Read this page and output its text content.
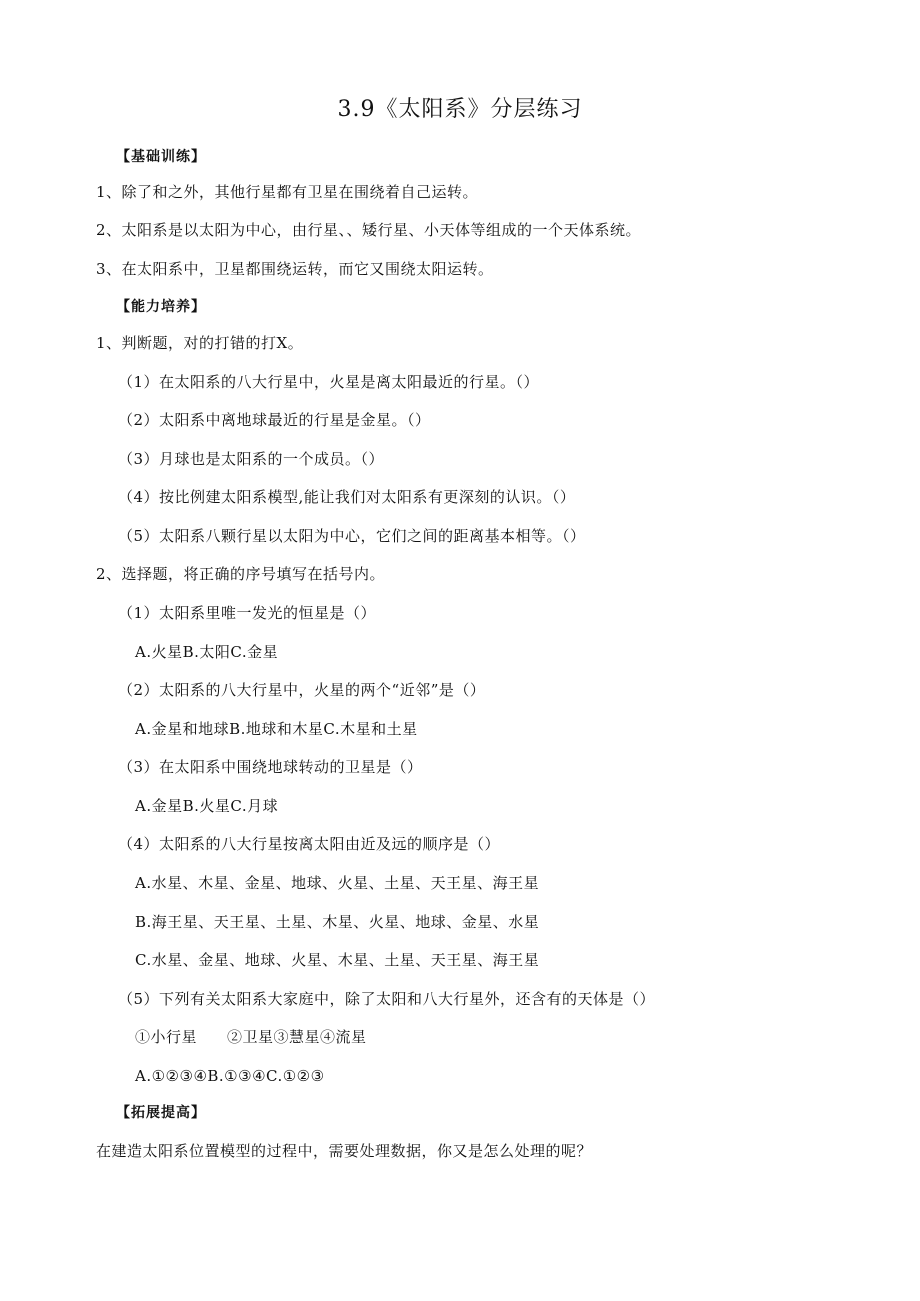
3.9《太阳系》分层练习
【基础训练】
1、除了和之外，其他行星都有卫星在围绕着自己运转。
2、太阳系是以太阳为中心，由行星、、矮行星、小天体等组成的一个天体系统。
3、在太阳系中，卫星都围绕运转，而它又围绕太阳运转。
【能力培养】
1、判断题，对的打错的打X。
（1）在太阳系的八大行星中，火星是离太阳最近的行星。（）
（2）太阳系中离地球最近的行星是金星。（）
（3）月球也是太阳系的一个成员。（）
（4）按比例建太阳系模型,能让我们对太阳系有更深刻的认识。（）
（5）太阳系八颗行星以太阳为中心，它们之间的距离基本相等。（）
2、选择题，将正确的序号填写在括号内。
（1）太阳系里唯一发光的恒星是（）
A.火星B.太阳C.金星
（2）太阳系的八大行星中，火星的两个“近邻”是（）
A.金星和地球B.地球和木星C.木星和土星
（3）在太阳系中围绕地球转动的卫星是（）
A.金星B.火星C.月球
（4）太阳系的八大行星按离太阳由近及远的顺序是（）
A.水星、木星、金星、地球、火星、土星、天王星、海王星
B.海王星、天王星、土星、木星、火星、地球、金星、水星
C.水星、金星、地球、火星、木星、土星、天王星、海王星
（5）下列有关太阳系大家庭中，除了太阳和八大行星外，还含有的天体是（）
①小行星 ②卫星③慧星④流星
A.①②③④B.①③④C.①②③
【拓展提高】
在建造太阳系位置模型的过程中，需要处理数据，你又是怎么处理的呢？
